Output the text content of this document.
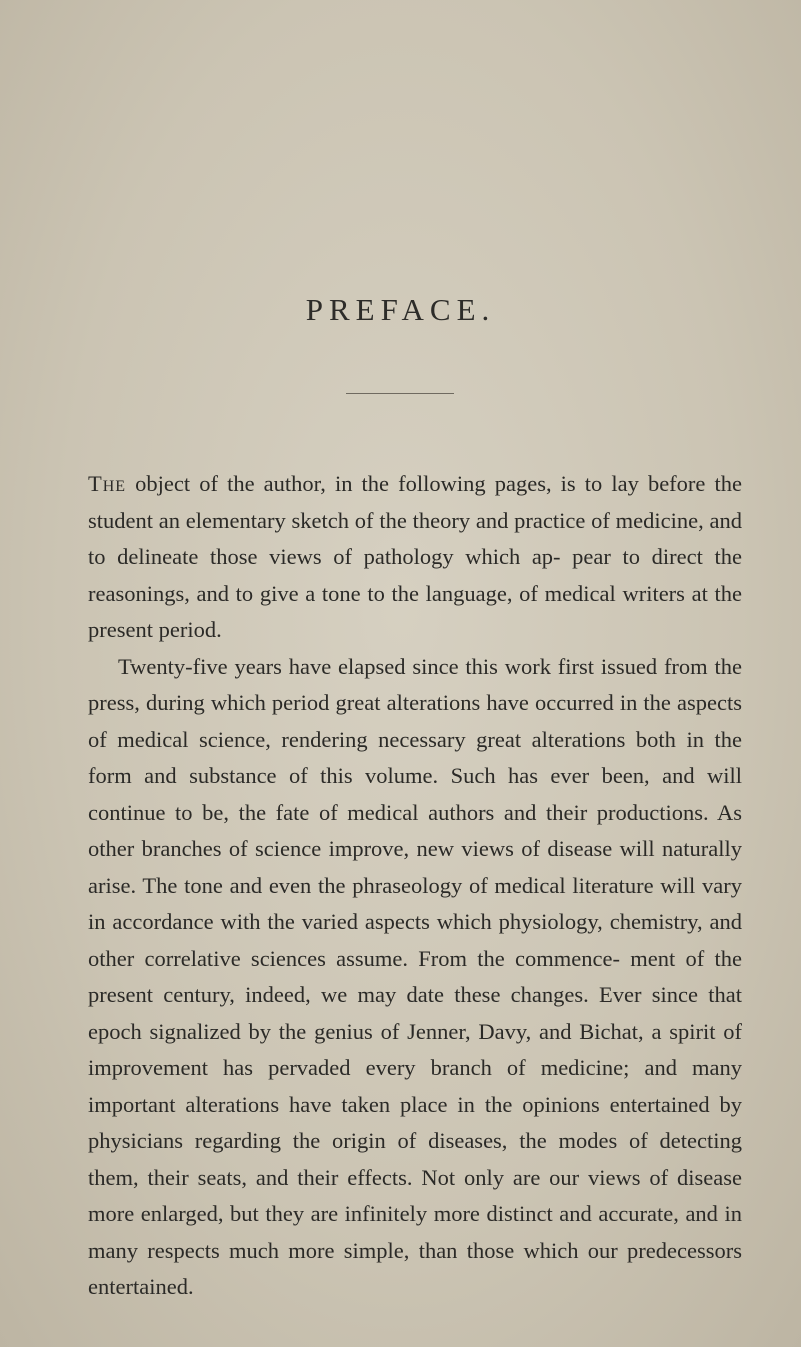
PREFACE.

The object of the author, in the following pages, is to lay before the student an elementary sketch of the theory and practice of medicine, and to delineate those views of pathology which ap- pear to direct the reasonings, and to give a tone to the language, of medical writers at the present period.

Twenty-five years have elapsed since this work first issued from the press, during which period great alterations have occurred in the aspects of medical science, rendering necessary great alterations both in the form and substance of this volume. Such has ever been, and will continue to be, the fate of medical authors and their productions. As other branches of science improve, new views of disease will naturally arise. The tone and even the phraseology of medical literature will vary in accordance with the varied aspects which physiology, chemistry, and other correlative sciences assume. From the commence- ment of the present century, indeed, we may date these changes. Ever since that epoch signalized by the genius of Jenner, Davy, and Bichat, a spirit of improvement has pervaded every branch of medicine; and many important alterations have taken place in the opinions entertained by physicians regarding the origin of diseases, the modes of detecting them, their seats, and their effects. Not only are our views of disease more enlarged, but they are infinitely more distinct and accurate, and in many respects much more simple, than those which our predecessors entertained.
